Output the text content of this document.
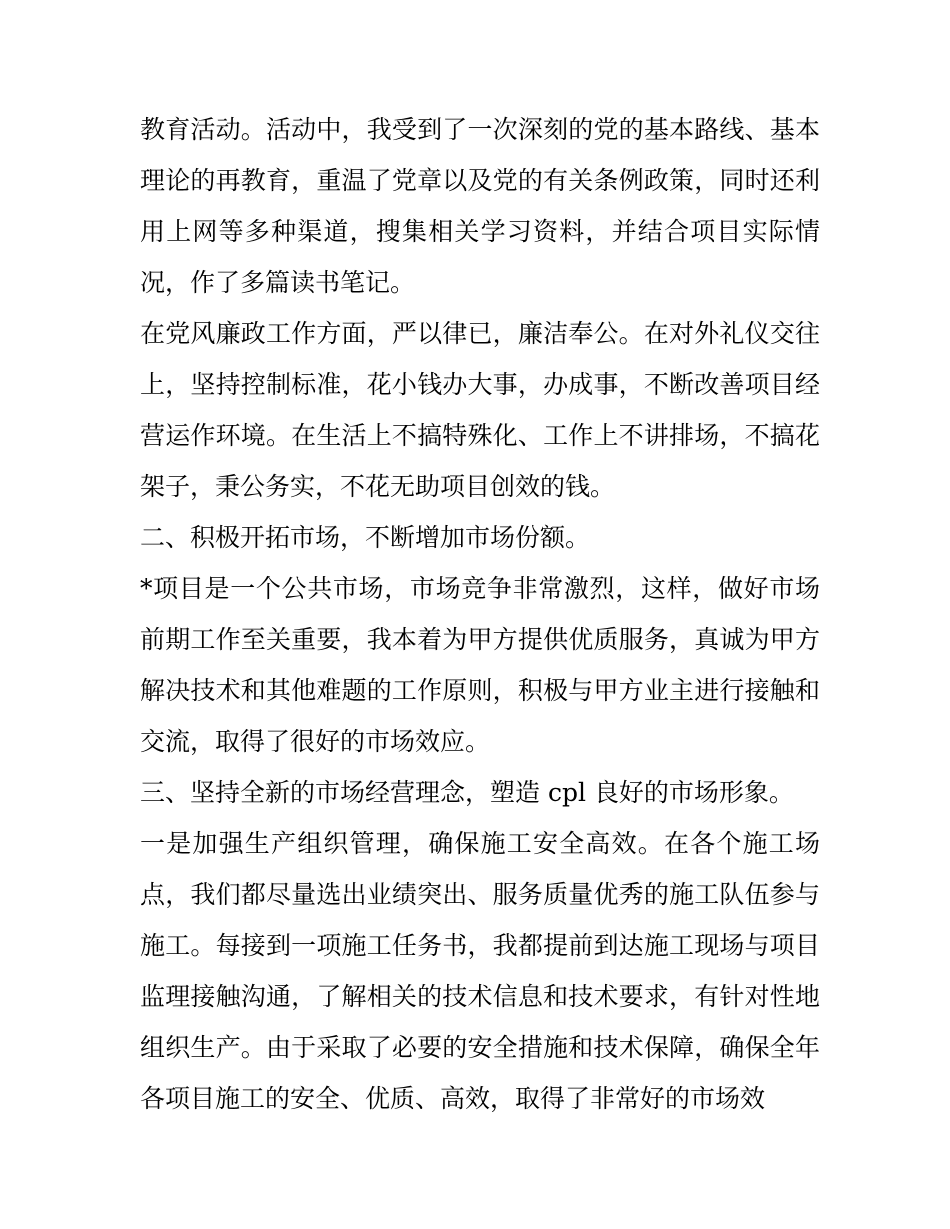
教育活动。活动中，我受到了一次深刻的党的基本路线、基本
理论的再教育，重温了党章以及党的有关条例政策，同时还利
用上网等多种渠道，搜集相关学习资料，并结合项目实际情
况，作了多篇读书笔记。
在党风廉政工作方面，严以律已，廉洁奉公。在对外礼仪交往
上，坚持控制标准，花小钱办大事，办成事，不断改善项目经
营运作环境。在生活上不搞特殊化、工作上不讲排场，不搞花
架子，秉公务实，不花无助项目创效的钱。
二、积极开拓市场，不断增加市场份额。
*项目是一个公共市场，市场竞争非常激烈，这样，做好市场
前期工作至关重要，我本着为甲方提供优质服务，真诚为甲方
解决技术和其他难题的工作原则，积极与甲方业主进行接触和
交流，取得了很好的市场效应。
三、坚持全新的市场经营理念，塑造 cpl 良好的市场形象。
一是加强生产组织管理，确保施工安全高效。在各个施工场
点，我们都尽量选出业绩突出、服务质量优秀的施工队伍参与
施工。每接到一项施工任务书，我都提前到达施工现场与项目
监理接触沟通，了解相关的技术信息和技术要求，有针对性地
组织生产。由于采取了必要的安全措施和技术保障，确保全年
各项目施工的安全、优质、高效，取得了非常好的市场效
